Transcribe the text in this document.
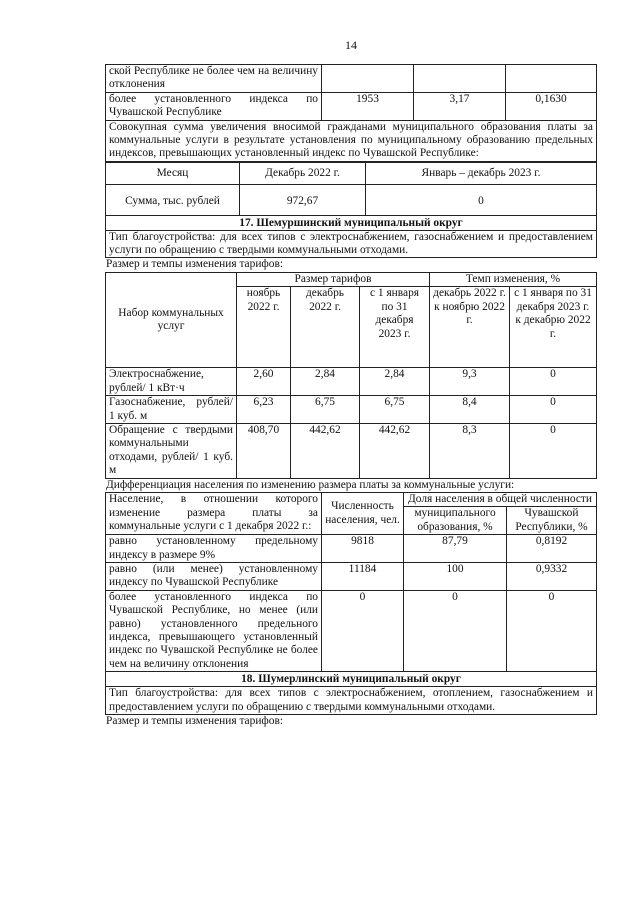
14
ской Республике не более чем на величину отклонения			
более установленного индекса по Чувашской Республике	1953	3,17	0,1630
Совокупная сумма увеличения вносимой гражданами муниципального образования платы за коммунальные услуги в результате установления по муниципальному образованию предельных индексов, превышающих установленный индекс по Чувашской Республике:
Месяц	Декабрь 2022 г.	Январь – декабрь 2023 г.
Сумма, тыс. рублей	972,67	0
17. Шемуршинский муниципальный округ
Тип благоустройства: для всех типов с электроснабжением, газоснабжением и предоставлением услуги по обращению с твердыми коммунальными отходами.
Размер и темпы изменения тарифов:
Набор коммунальных услуг	Размер тарифов			Темп изменения, %	
	ноябрь 2022 г.	декабрь 2022 г.	с 1 января по 31 декабря 2023 г.	декабрь 2022 г. к ноябрю 2022 г.	с 1 января по 31 декабря 2023 г. к декабрю 2022 г.
Электроснабжение, рублей/ 1 кВт·ч	2,60	2,84	2,84	9,3	0
Газоснабжение, рублей/ 1 куб. м	6,23	6,75	6,75	8,4	0
Обращение с твердыми коммунальными отходами, рублей/ 1 куб. м	408,70	442,62	442,62	8,3	0
Дифференциация населения по изменению размера платы за коммунальные услуги:
Население, в отношении которого изменение размера платы за коммунальные услуги с 1 декабря 2022 г.:	Численность населения, чел.	Доля населения в общей численности	
		муниципального образования, %	Чувашской Республики, %
равно установленному предельному индексу в размере 9%	9818	87,79	0,8192
равно (или менее) установленному индексу по Чувашской Республике	11184	100	0,9332
более установленного индекса по Чувашской Республике, но менее (или равно) установленного предельного индекса, превышающего установленный индекс по Чувашской Республике не более чем на величину отклонения	0	0	0
18. Шумерлинский муниципальный округ
Тип благоустройства: для всех типов с электроснабжением, отоплением, газоснабжением и предоставлением услуги по обращению с твердыми коммунальными отходами.
Размер и темпы изменения тарифов:
